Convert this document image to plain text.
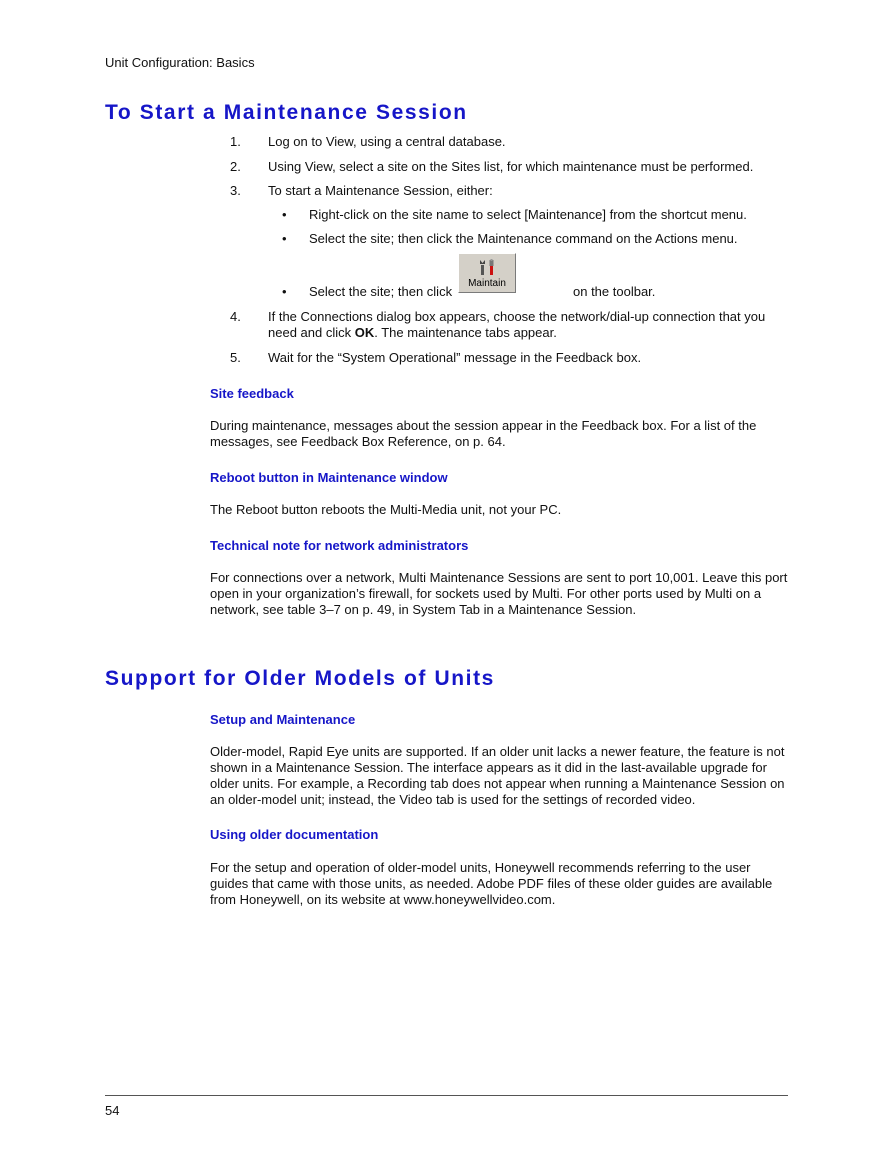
Unit Configuration: Basics
To Start a Maintenance Session
1.	Log on to View, using a central database.
2.	Using View, select a site on the Sites list, for which maintenance must be performed.
3.	To start a Maintenance Session, either:
• Right-click on the site name to select [Maintenance] from the shortcut menu.
• Select the site; then click the Maintenance command on the Actions menu.
• Select the site; then click	on the toolbar.
Maintain
4.	If the Connections dialog box appears, choose the network/dial-up connection that you need and click OK. The maintenance tabs appear.
5.	Wait for the “System Operational” message in the Feedback box.
Site feedback
During maintenance, messages about the session appear in the Feedback box. For a list of the messages, see Feedback Box Reference, on p. 64.
Reboot button in Maintenance window
The Reboot button reboots the Multi-Media unit, not your PC.
Technical note for network administrators
For connections over a network, Multi Maintenance Sessions are sent to port 10,001. Leave this port open in your organization’s firewall, for sockets used by Multi. For other ports used by Multi on a network, see table 3–7 on p. 49, in System Tab in a Maintenance Session.
Support for Older Models of Units
Setup and Maintenance
Older-model, Rapid Eye units are supported. If an older unit lacks a newer feature, the feature is not shown in a Maintenance Session. The interface appears as it did in the last-available upgrade for older units. For example, a Recording tab does not appear when running a Maintenance Session on an older-model unit; instead, the Video tab is used for the settings of recorded video.
Using older documentation
For the setup and operation of older-model units, Honeywell recommends referring to the user guides that came with those units, as needed. Adobe PDF files of these older guides are available from Honeywell, on its website at www.honeywellvideo.com.
54
